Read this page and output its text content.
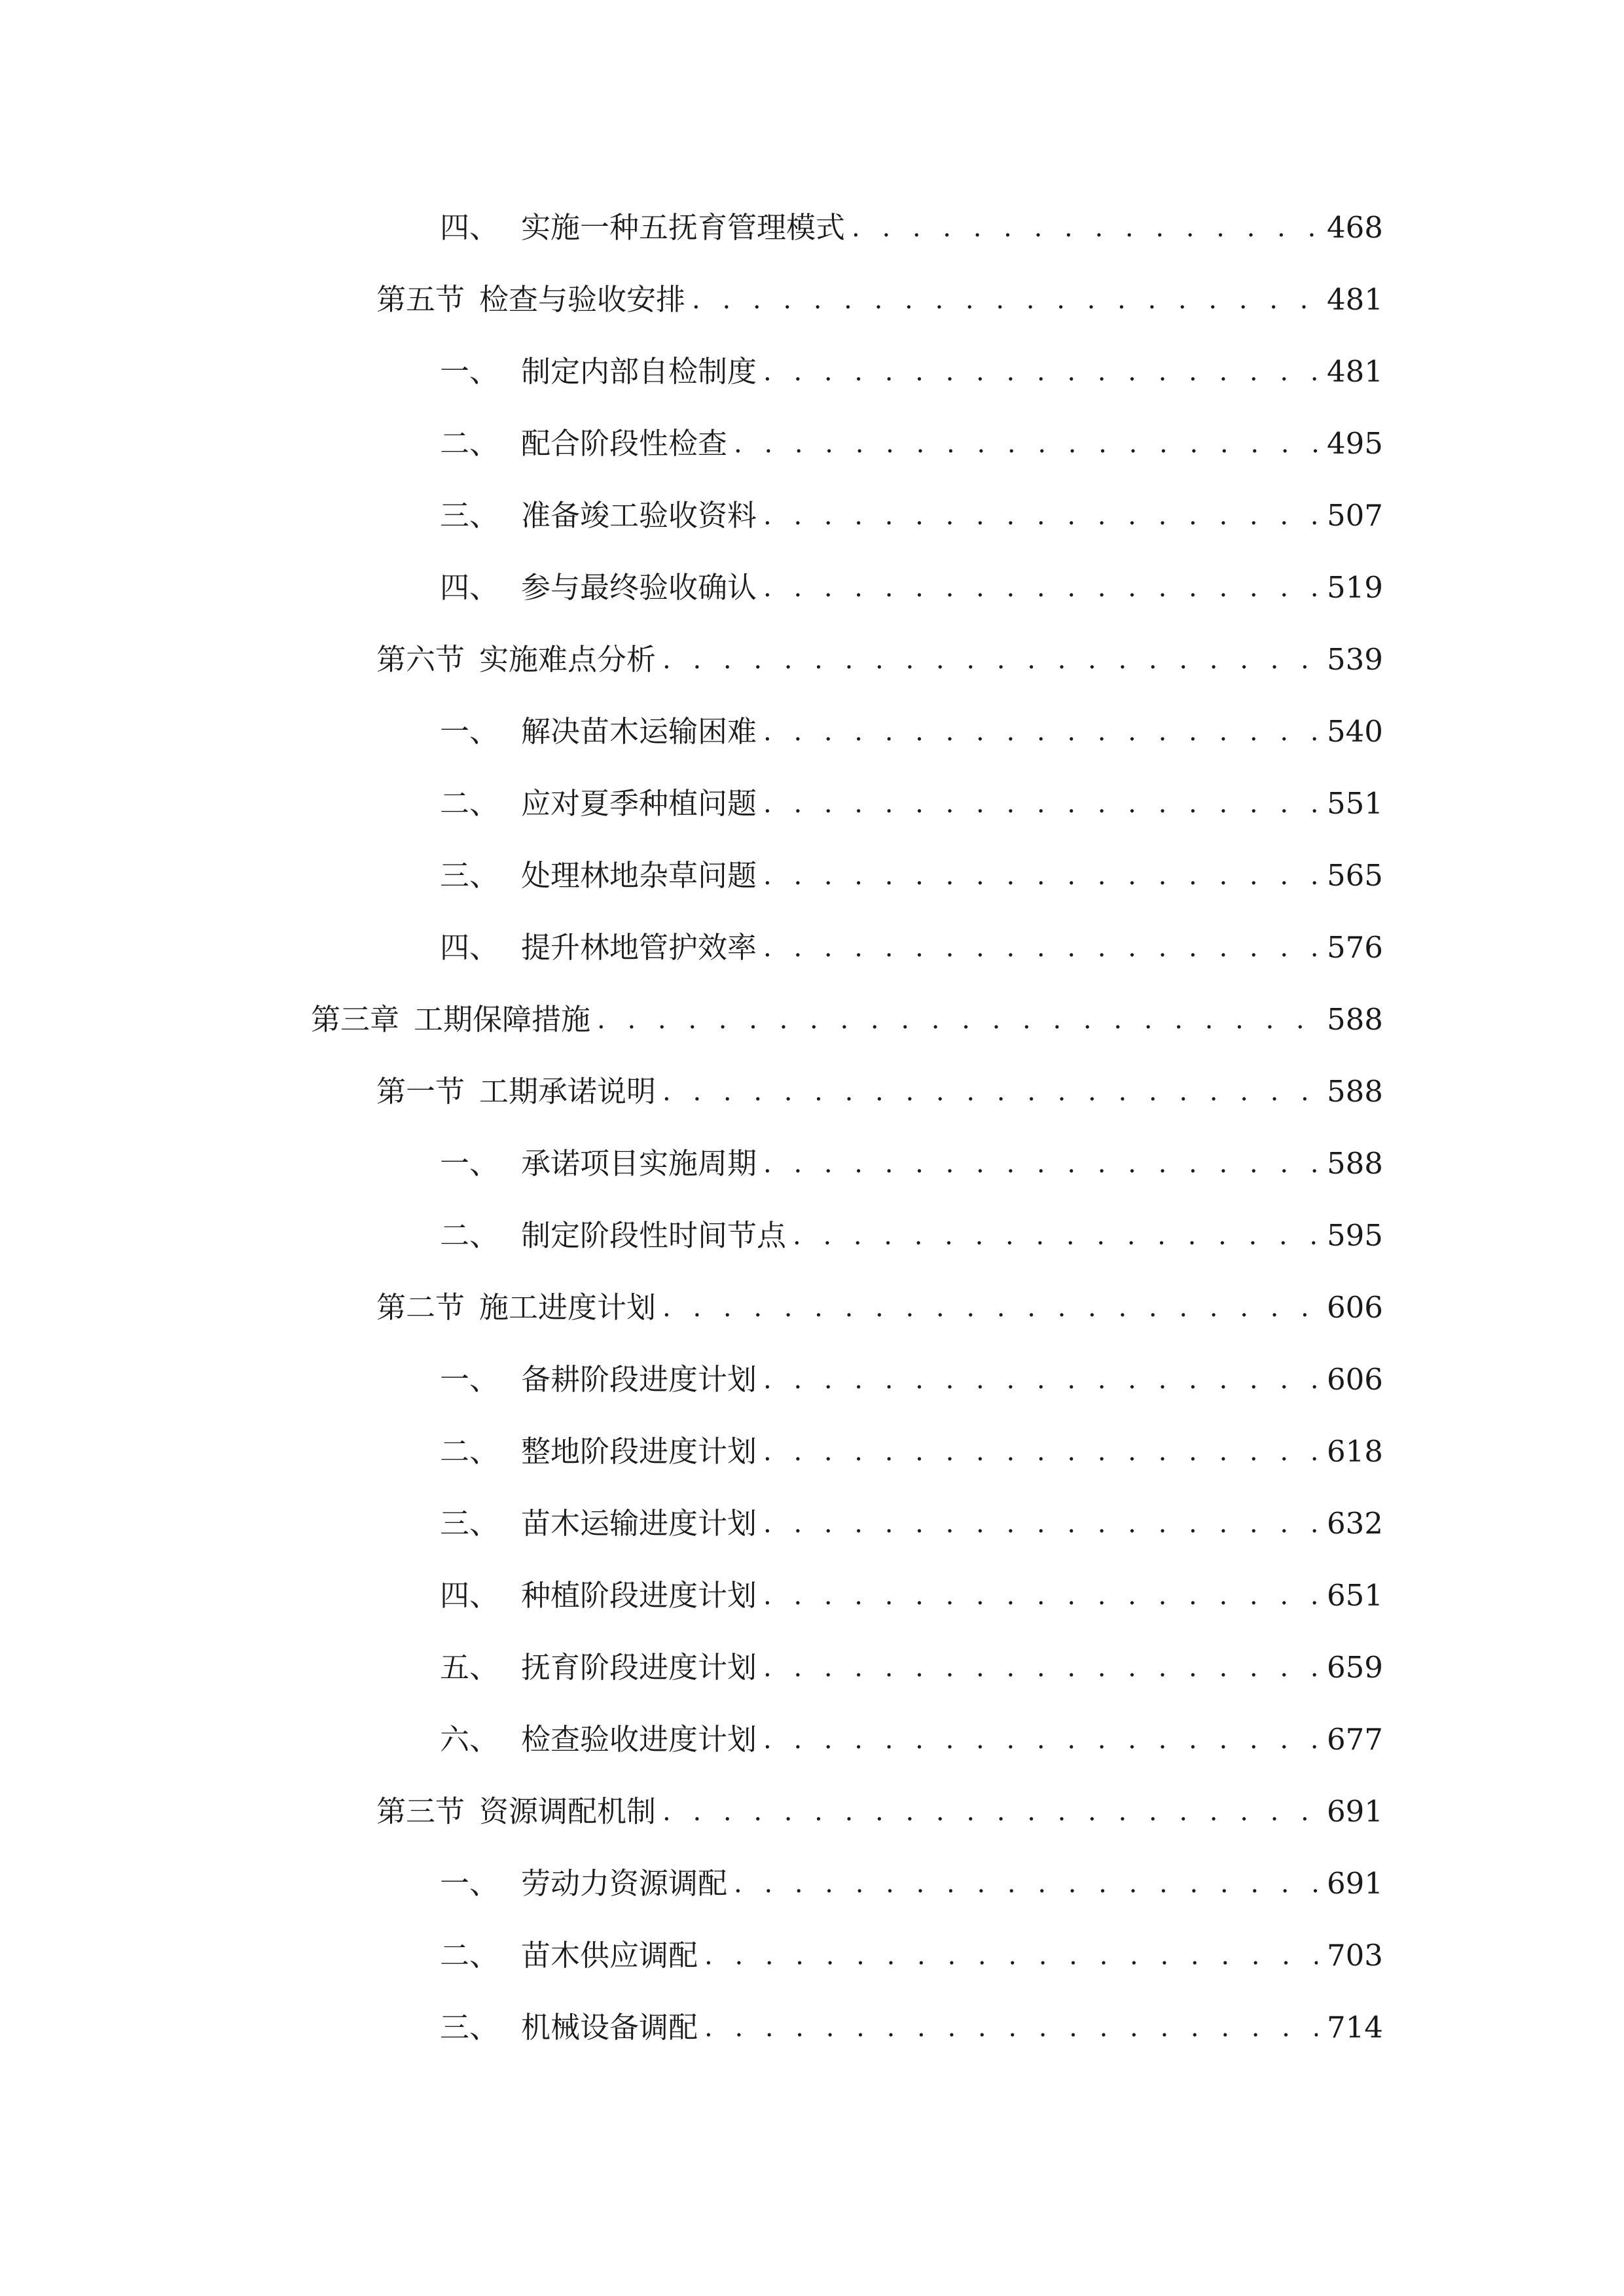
四、 实施一种五抚育管理模式 . . .	468
第五节 检查与验收安排 . . .	481
一、 制定内部自检制度 . . .	481
二、 配合阶段性检查 . . .	495
三、 准备竣工验收资料 . . .	507
四、 参与最终验收确认 . . .	519
第六节 实施难点分析 . . .	539
一、 解决苗木运输困难 . . .	540
二、 应对夏季种植问题 . . .	551
三、 处理林地杂草问题 . . .	565
四、 提升林地管护效率 . . .	576
第三章 工期保障措施 . . .	588
第一节 工期承诺说明 . . .	588
一、 承诺项目实施周期 . . .	588
二、 制定阶段性时间节点 . . .	595
第二节 施工进度计划 . . .	606
一、 备耕阶段进度计划 . . .	606
二、 整地阶段进度计划 . . .	618
三、 苗木运输进度计划 . . .	632
四、 种植阶段进度计划 . . .	651
五、 抚育阶段进度计划 . . .	659
六、 检查验收进度计划 . . .	677
第三节 资源调配机制 . . .	691
一、 劳动力资源调配 . . .	691
二、 苗木供应调配 . . .	703
三、 机械设备调配 . . .	714
